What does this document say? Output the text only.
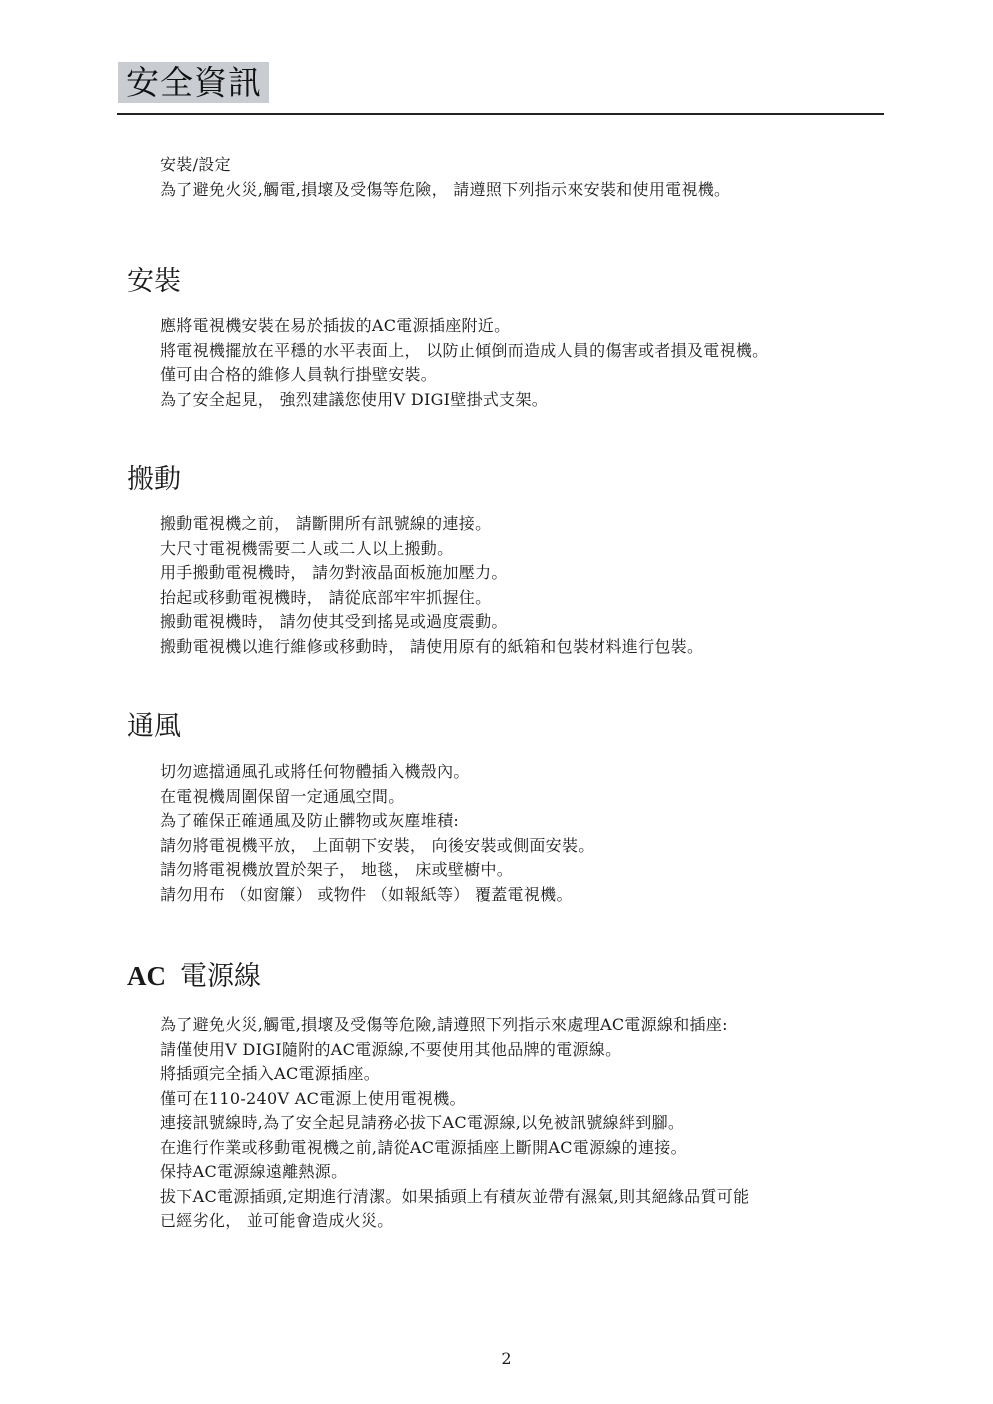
安全資訊
安裝/設定
為了避免火災,觸電,損壞及受傷等危險， 請遵照下列指示來安裝和使用電視機。
安裝
應將電視機安裝在易於插拔的AC電源插座附近。
將電視機擺放在平穩的水平表面上， 以防止傾倒而造成人員的傷害或者損及電視機。
僅可由合格的維修人員執行掛壁安裝。
為了安全起見， 強烈建議您使用V DIGI壁掛式支架。
搬動
搬動電視機之前， 請斷開所有訊號線的連接。
大尺寸電視機需要二人或二人以上搬動。
用手搬動電視機時， 請勿對液晶面板施加壓力。
抬起或移動電視機時， 請從底部牢牢抓握住。
搬動電視機時， 請勿使其受到搖晃或過度震動。
搬動電視機以進行維修或移動時， 請使用原有的紙箱和包裝材料進行包裝。
通風
切勿遮擋通風孔或將任何物體插入機殼內。
在電視機周圍保留一定通風空間。
為了確保正確通風及防止髒物或灰塵堆積:
請勿將電視機平放， 上面朝下安裝， 向後安裝或側面安裝。
請勿將電視機放置於架子， 地毯， 床或壁櫥中。
請勿用布 （如窗簾） 或物件 （如報紙等） 覆蓋電視機。
AC 電源線
為了避免火災,觸電,損壞及受傷等危險,請遵照下列指示來處理AC電源線和插座:
請僅使用V DIGI隨附的AC電源線,不要使用其他品牌的電源線。
將插頭完全插入AC電源插座。
僅可在110-240V AC電源上使用電視機。
連接訊號線時,為了安全起見請務必拔下AC電源線,以免被訊號線絆到腳。
在進行作業或移動電視機之前,請從AC電源插座上斷開AC電源線的連接。
保持AC電源線遠離熱源。
拔下AC電源插頭,定期進行清潔。如果插頭上有積灰並帶有濕氣,則其絕緣品質可能
已經劣化， 並可能會造成火災。
2
